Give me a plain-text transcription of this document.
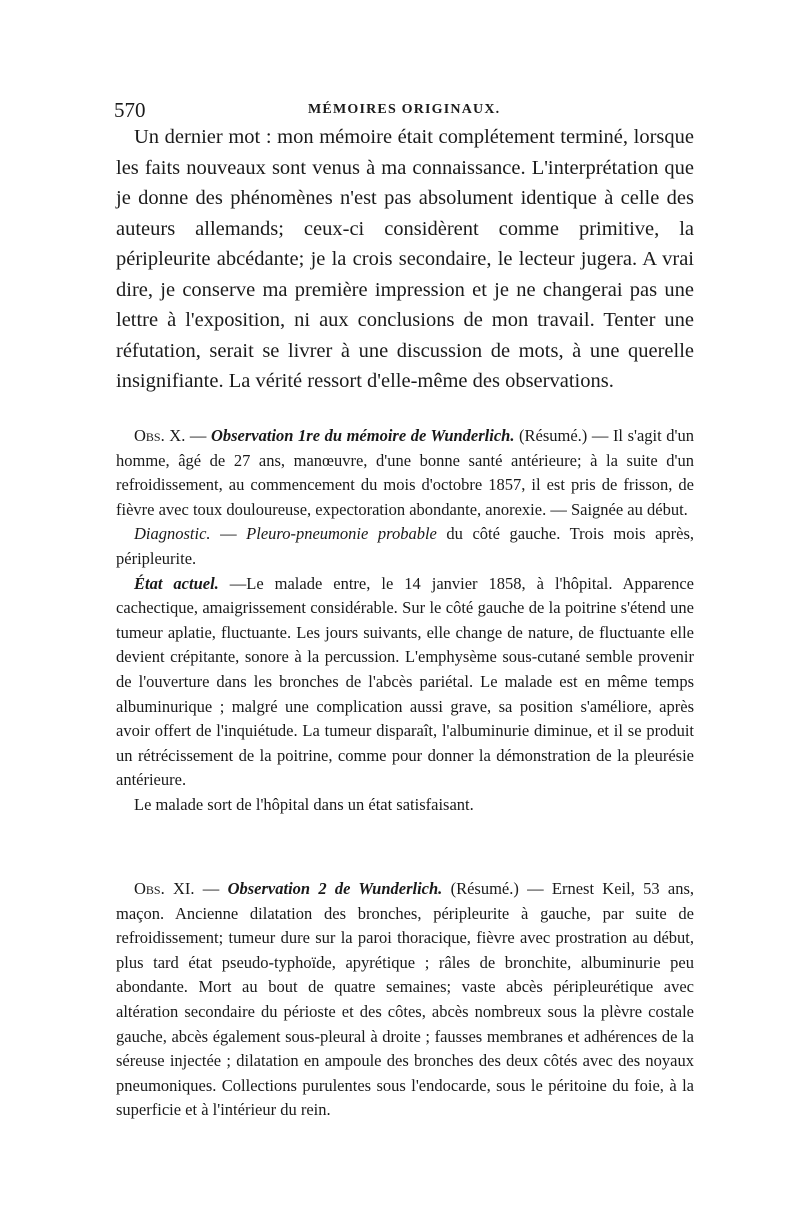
570	MÉMOIRES ORIGINAUX.

Un dernier mot : mon mémoire était complétement terminé, lorsque les faits nouveaux sont venus à ma connaissance. L'interprétation que je donne des phénomènes n'est pas absolument identique à celle des auteurs allemands; ceux-ci considèrent comme primitive, la péripleurite abcédante; je la crois secondaire, le lecteur jugera. A vrai dire, je conserve ma première impression et je ne changerai pas une lettre à l'exposition, ni aux conclusions de mon travail. Tenter une réfutation, serait se livrer à une discussion de mots, à une querelle insignifiante. La vérité ressort d'elle-même des observations.

Obs. X. — Observation 1re du mémoire de Wunderlich. (Résumé.) — Il s'agit d'un homme, âgé de 27 ans, manœuvre, d'une bonne santé antérieure; à la suite d'un refroidissement, au commencement du mois d'octobre 1857, il est pris de frisson, de fièvre avec toux douloureuse, expectoration abondante, anorexie. — Saignée au début.

Diagnostic. — Pleuro-pneumonie probable du côté gauche. Trois mois après, péripleurite.

État actuel. —Le malade entre, le 14 janvier 1858, à l'hôpital. Apparence cachectique, amaigrissement considérable. Sur le côté gauche de la poitrine s'étend une tumeur aplatie, fluctuante. Les jours suivants, elle change de nature, de fluctuante elle devient crépitante, sonore à la percussion. L'emphysème sous-cutané semble provenir de l'ouverture dans les bronches de l'abcès pariétal. Le malade est en même temps albuminurique ; malgré une complication aussi grave, sa position s'améliore, après avoir offert de l'inquiétude. La tumeur disparaît, l'albuminurie diminue, et il se produit un rétrécissement de la poitrine, comme pour donner la démonstration de la pleurésie antérieure.

Le malade sort de l'hôpital dans un état satisfaisant.

Obs. XI. — Observation 2 de Wunderlich. (Résumé.) — Ernest Keil, 53 ans, maçon. Ancienne dilatation des bronches, péripleurite à gauche, par suite de refroidissement; tumeur dure sur la paroi thoracique, fièvre avec prostration au début, plus tard état pseudo-typhoïde, apyrétique ; râles de bronchite, albuminurie peu abondante. Mort au bout de quatre semaines; vaste abcès péripleurétique avec altération secondaire du périoste et des côtes, abcès nombreux sous la plèvre costale gauche, abcès également sous-pleural à droite ; fausses membranes et adhérences de la séreuse injectée ; dilatation en ampoule des bronches des deux côtés avec des noyaux pneumoniques. Collections purulentes sous l'endocarde, sous le péritoine du foie, à la superficie et à l'intérieur du rein.
